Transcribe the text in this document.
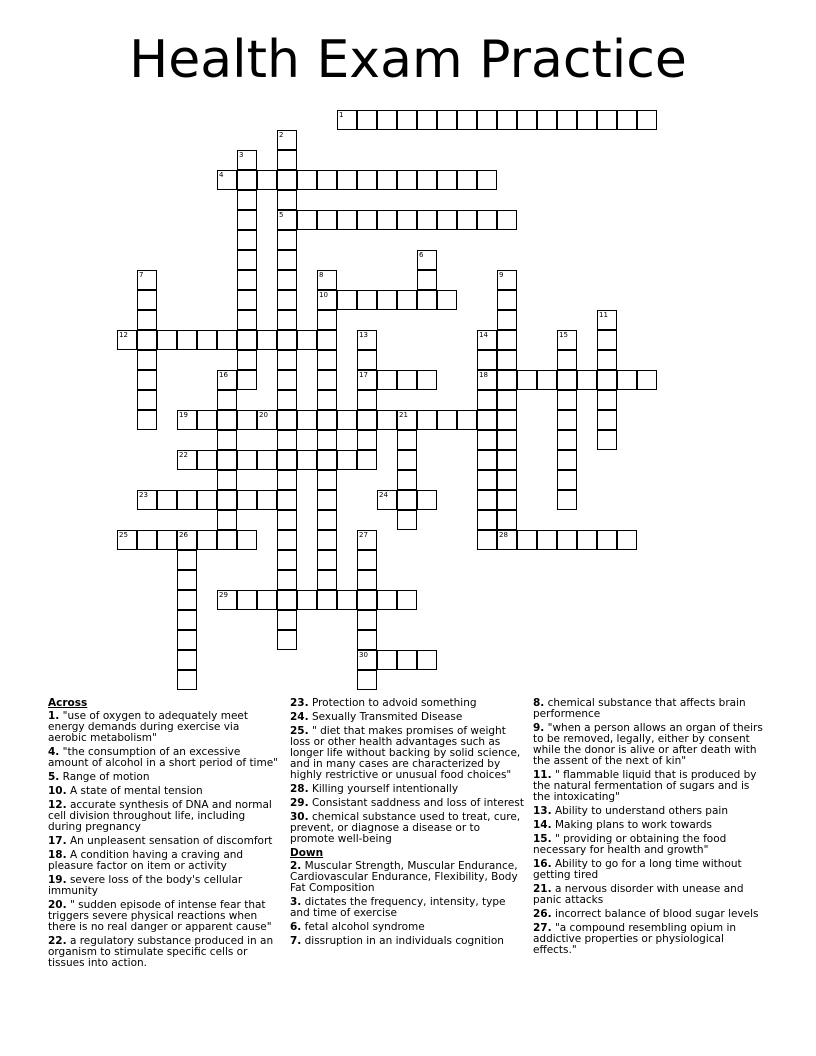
Health Exam Practice
1
2
5
3
4
6
7	8
10
9
11
12	13
17
14
18
15
16
19	20	21
22
23	24
25	26	27
30
28
29
Across
1. "use of oxygen to adequately meet energy demands during exercise via aerobic metabolism"
4. "the consumption of an excessive amount of alcohol in a short period of time"
5. Range of motion
10. A state of mental tension
12. accurate synthesis of DNA and normal cell division throughout life, including during pregnancy
17. An unpleasent sensation of discomfort
18. A condition having a craving and pleasure factor on item or activity
19. severe loss of the body's cellular immunity
20. " sudden episode of intense fear that triggers severe physical reactions when there is no real danger or apparent cause"
22. a regulatory substance produced in an organism to stimulate specific cells or tissues into action.
23. Protection to advoid something
24. Sexually Transmited Disease
25. " diet that makes promises of weight loss or other health advantages such as longer life without backing by solid science, and in many cases are characterized by highly restrictive or unusual food choices"
28. Killing yourself intentionally
29. Consistant saddness and loss of interest
30. chemical substance used to treat, cure, prevent, or diagnose a disease or to promote well-being
Down
2. Muscular Strength, Muscular Endurance, Cardiovascular Endurance, Flexibility, Body Fat Composition
3. dictates the frequency, intensity, type and time of exercise
6. fetal alcohol syndrome
7. dissruption in an individuals cognition
8. chemical substance that affects brain performence
9. "when a person allows an organ of theirs to be removed, legally, either by consent while the donor is alive or after death with the assent of the next of kin"
11. " flammable liquid that is produced by the natural fermentation of sugars and is the intoxicating"
13. Ability to understand others pain
14. Making plans to work towards
15. " providing or obtaining the food necessary for health and growth"
16. Ability to go for a long time without getting tired
21. a nervous disorder with unease and panic attacks
26. incorrect balance of blood sugar levels
27. "a compound resembling opium in addictive properties or physiological effects."
